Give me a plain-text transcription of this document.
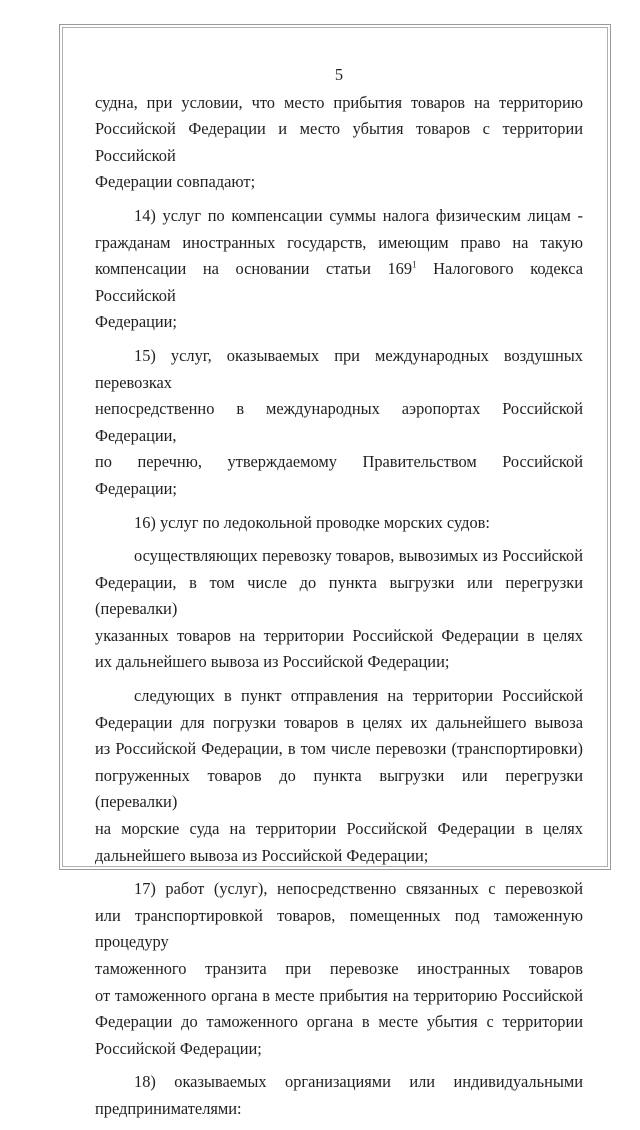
5

судна, при условии, что место прибытия товаров на территорию
Российской Федерации и место убытия товаров с территории Российской
Федерации совпадают;

14) услуг по компенсации суммы налога физическим лицам -
гражданам иностранных государств, имеющим право на такую
компенсации на основании статьи $169^1$ Налогового кодекса Российской
Федерации;

15) услуг, оказываемых при международных воздушных перевозках
непосредственно в международных аэропортах Российской Федерации,
по перечню, утверждаемому Правительством Российской Федерации;

16) услуг по ледокольной проводке морских судов:

осуществляющих перевозку товаров, вывозимых из Российской
Федерации, в том числе до пункта выгрузки или перегрузки (перевалки)
указанных товаров на территории Российской Федерации в целях
их дальнейшего вывоза из Российской Федерации;

следующих в пункт отправления на территории Российской
Федерации для погрузки товаров в целях их дальнейшего вывоза
из Российской Федерации, в том числе перевозки (транспортировки)
погруженных товаров до пункта выгрузки или перегрузки (перевалки)
на морские суда на территории Российской Федерации в целях
дальнейшего вывоза из Российской Федерации;

17) работ (услуг), непосредственно связанных с перевозкой
или транспортировкой товаров, помещенных под таможенную процедуру
таможенного транзита при перевозке иностранных товаров
от таможенного органа в месте прибытия на территорию Российской
Федерации до таможенного органа в месте убытия с территории
Российской Федерации;

18) оказываемых организациями или индивидуальными
предпринимателями:
